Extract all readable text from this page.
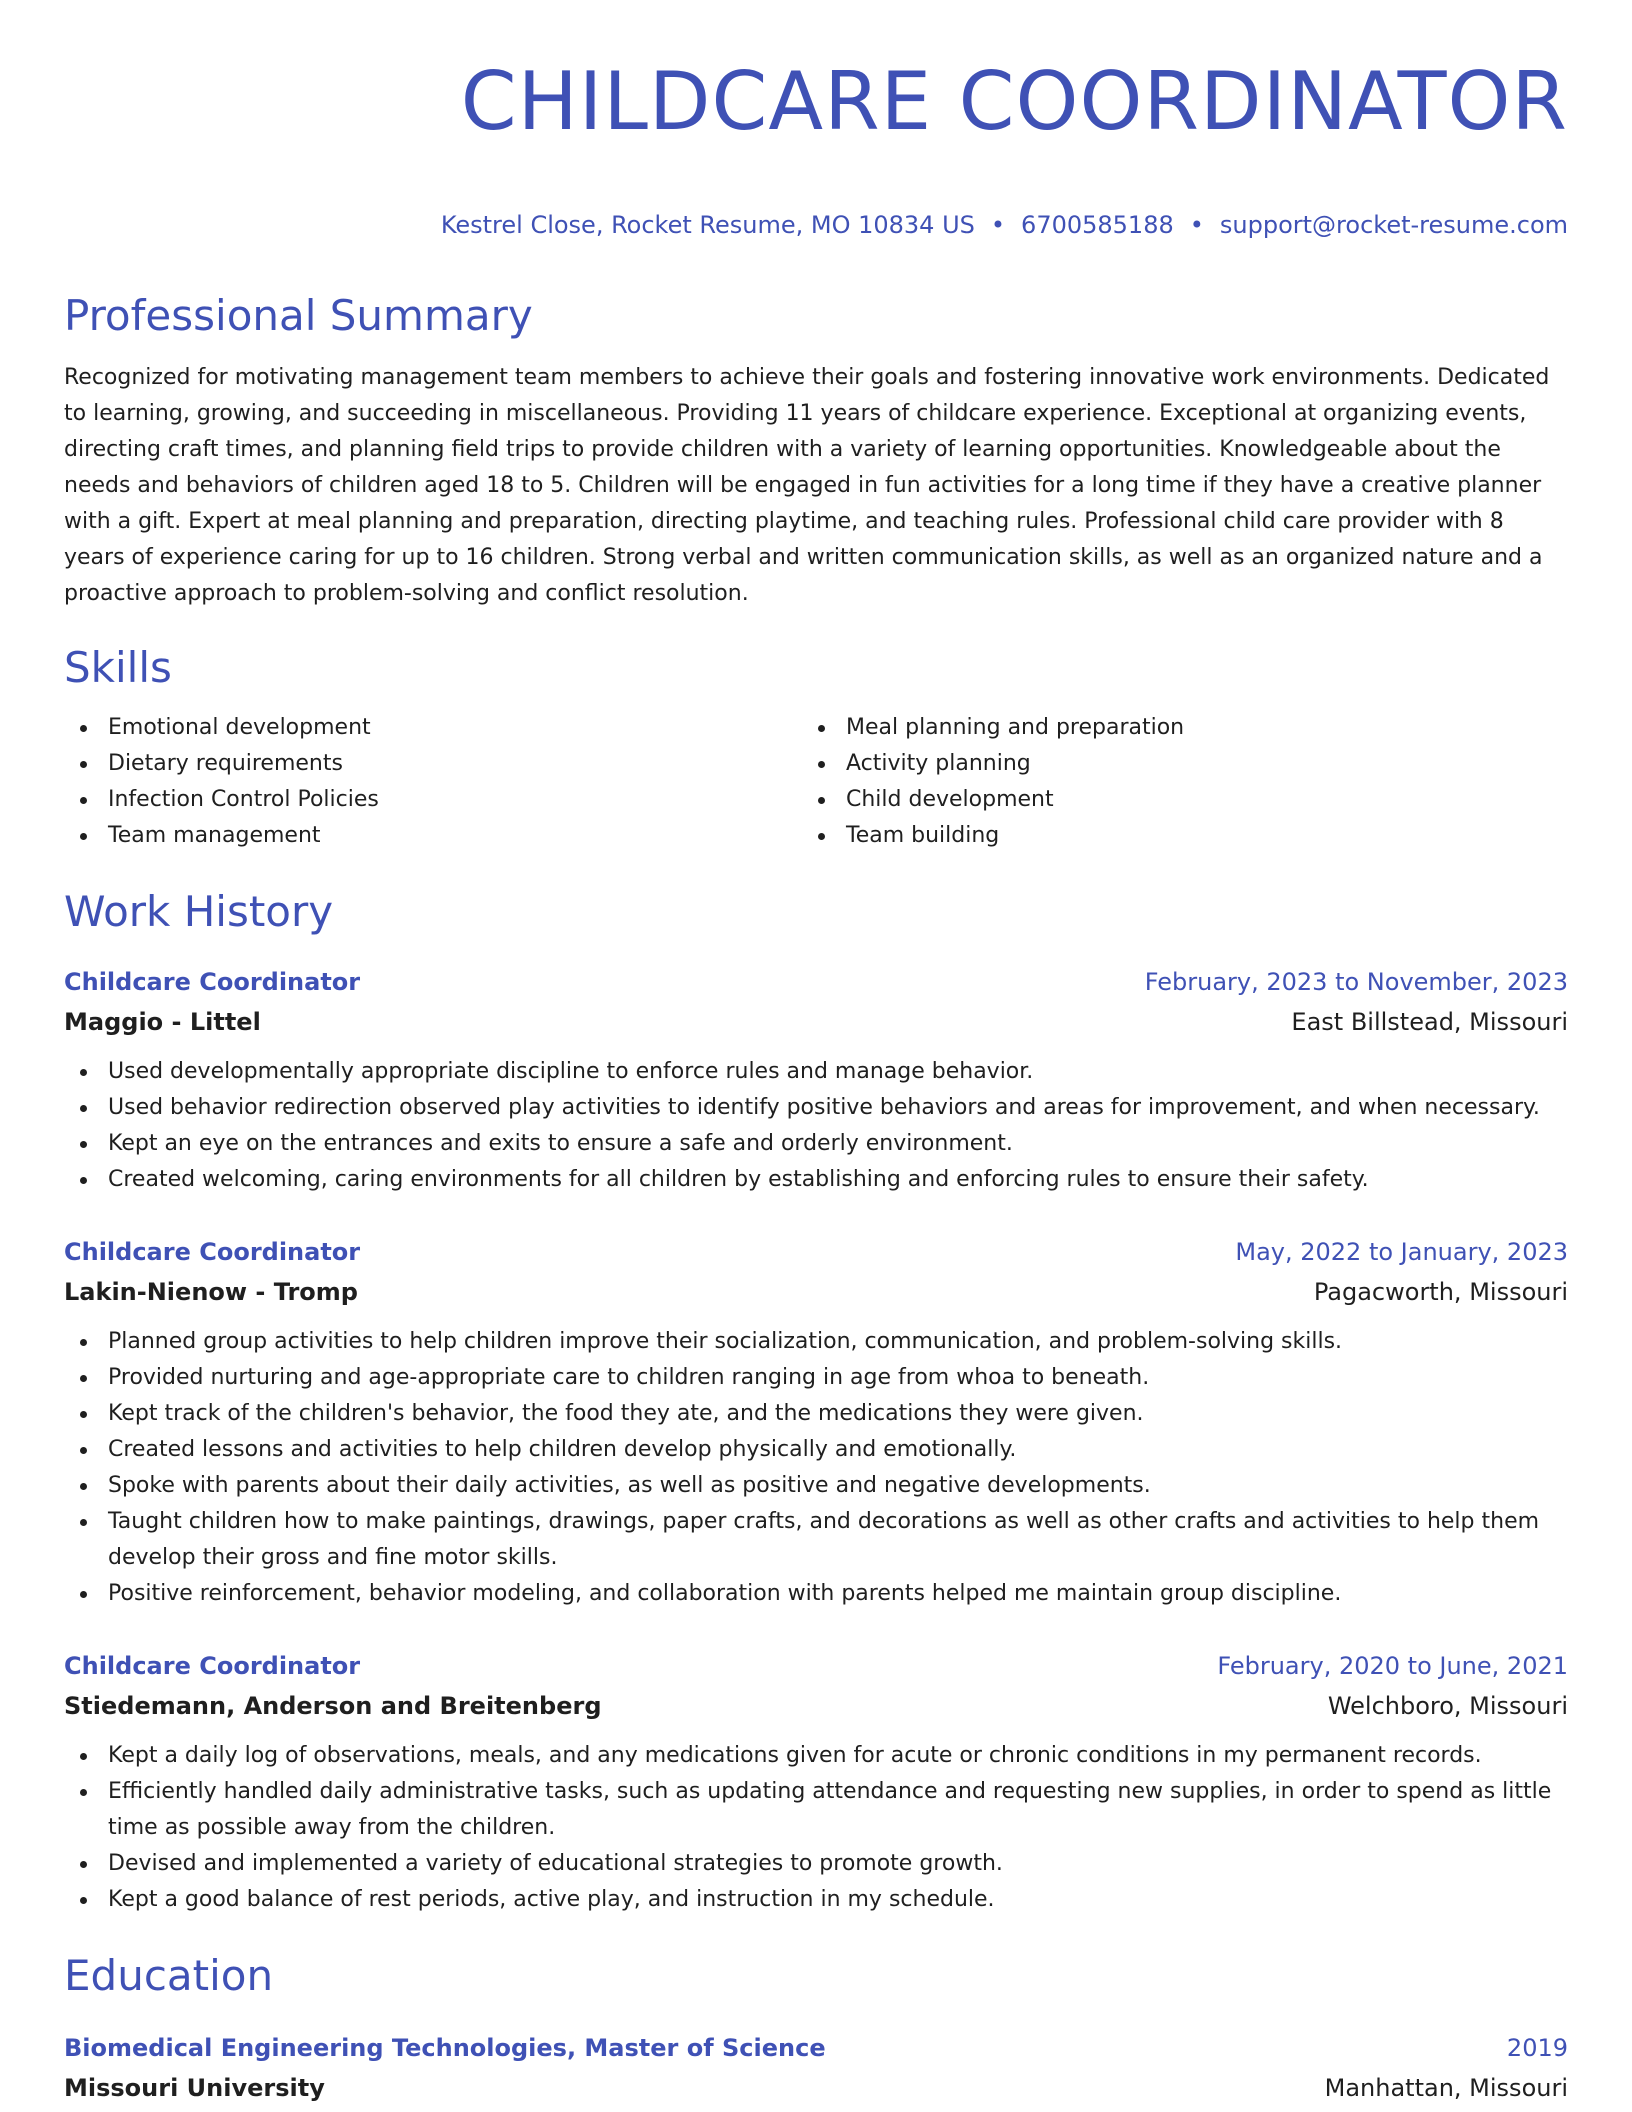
CHILDCARE COORDINATOR
Kestrel Close, Rocket Resume, MO 10834 US • 6700585188 • support@rocket-resume.com
Professional Summary

Recognized for motivating management team members to achieve their goals and fostering innovative work environments. Dedicated to learning, growing, and succeeding in miscellaneous. Providing 11 years of childcare experience. Exceptional at organizing events, directing craft times, and planning field trips to provide children with a variety of learning opportunities. Knowledgeable about the needs and behaviors of children aged 18 to 5. Children will be engaged in fun activities for a long time if they have a creative planner with a gift. Expert at meal planning and preparation, directing playtime, and teaching rules. Professional child care provider with 8 years of experience caring for up to 16 children. Strong verbal and written communication skills, as well as an organized nature and a proactive approach to problem-solving and conflict resolution.

Skills
Emotional development
Dietary requirements
Infection Control Policies
Team management
Meal planning and preparation
Activity planning
Child development
Team building
Work History
Childcare Coordinator	February, 2023 to November, 2023
Maggio - Littel	East Billstead, Missouri
Used developmentally appropriate discipline to enforce rules and manage behavior.
Used behavior redirection observed play activities to identify positive behaviors and areas for improvement, and when necessary.
Kept an eye on the entrances and exits to ensure a safe and orderly environment.
Created welcoming, caring environments for all children by establishing and enforcing rules to ensure their safety.
Childcare Coordinator	May, 2022 to January, 2023
Lakin-Nienow - Tromp	Pagacworth, Missouri
Planned group activities to help children improve their socialization, communication, and problem-solving skills.
Provided nurturing and age-appropriate care to children ranging in age from whoa to beneath.
Kept track of the children's behavior, the food they ate, and the medications they were given.
Created lessons and activities to help children develop physically and emotionally.
Spoke with parents about their daily activities, as well as positive and negative developments.
Taught children how to make paintings, drawings, paper crafts, and decorations as well as other crafts and activities to help them develop their gross and fine motor skills.
Positive reinforcement, behavior modeling, and collaboration with parents helped me maintain group discipline.
Childcare Coordinator	February, 2020 to June, 2021
Stiedemann, Anderson and Breitenberg	Welchboro, Missouri
Kept a daily log of observations, meals, and any medications given for acute or chronic conditions in my permanent records.
Efficiently handled daily administrative tasks, such as updating attendance and requesting new supplies, in order to spend as little time as possible away from the children.
Devised and implemented a variety of educational strategies to promote growth.
Kept a good balance of rest periods, active play, and instruction in my schedule.
Education
Biomedical Engineering Technologies, Master of Science	2019
Missouri University	Manhattan, Missouri
